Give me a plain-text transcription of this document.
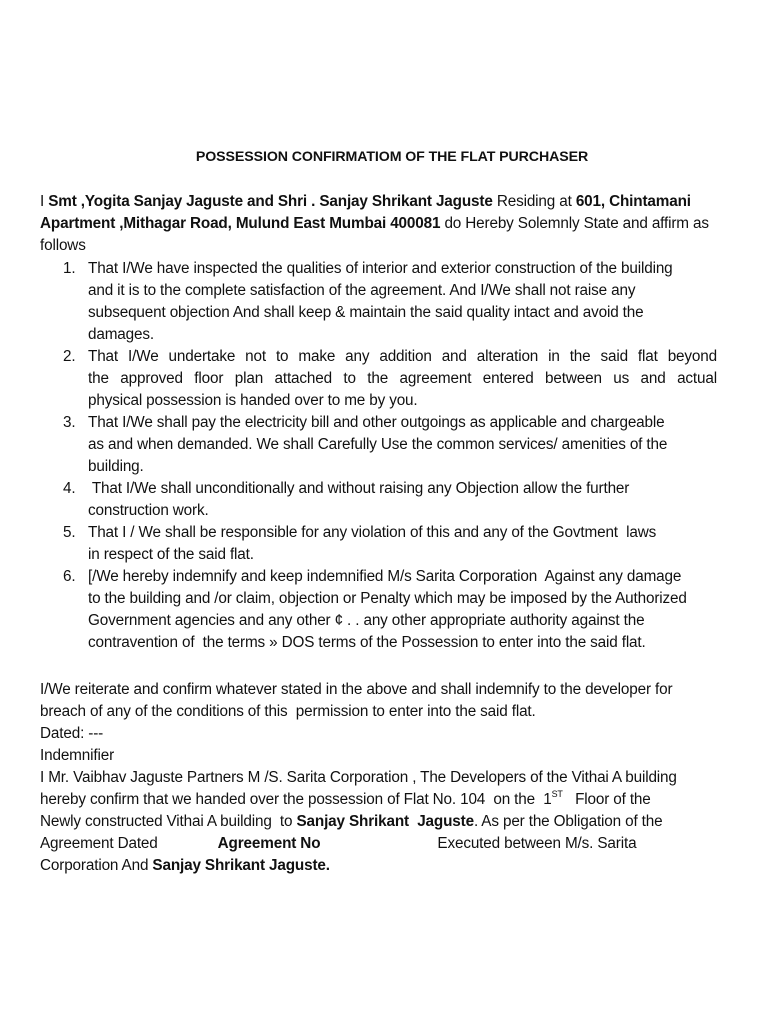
POSSESSION CONFIRMATIOM OF THE FLAT PURCHASER
I Smt ,Yogita Sanjay Jaguste and Shri . Sanjay Shrikant Jaguste Residing at 601, Chintamani
Apartment ,Mithagar Road, Mulund East Mumbai 400081 do Hereby Solemnly State and affirm as
follows
1. That I/We have inspected the qualities of interior and exterior construction of the building
and it is to the complete satisfaction of the agreement. And I/We shall not raise any
subsequent objection And shall keep & maintain the said quality intact and avoid the
damages.
2. That I/We undertake not to make any addition and alteration in the said flat beyond
the approved floor plan attached to the agreement entered between us and actual
physical possession is handed over to me by you.
3. That I/We shall pay the electricity bill and other outgoings as applicable and chargeable
as and when demanded. We shall Carefully Use the common services/ amenities of the
building.
4. That I/We shall unconditionally and without raising any Objection allow the further
construction work.
5. That I / We shall be responsible for any violation of this and any of the Govtment  laws
in respect of the said flat.
6. [/We hereby indemnify and keep indemnified M/s Sarita Corporation  Against any damage
to the building and /or claim, objection or Penalty which may be imposed by the Authorized
Government agencies and any other ¢ . . any other appropriate authority against the
contravention of  the terms » DOS terms of the Possession to enter into the said flat.
I/We reiterate and confirm whatever stated in the above and shall indemnify to the developer for
breach of any of the conditions of this  permission to enter into the said flat.
Dated: ---
Indemnifier
I Mr. Vaibhav Jaguste Partners M /S. Sarita Corporation , The Developers of the Vithai A building
hereby confirm that we handed over the possession of Flat No. 104  on the  1ST   Floor of the
Newly constructed Vithai A building  to Sanjay Shrikant  Jaguste. As per the Obligation of the
Agreement Dated	Agreement No	Executed between M/s. Sarita
Corporation And Sanjay Shrikant Jaguste.
